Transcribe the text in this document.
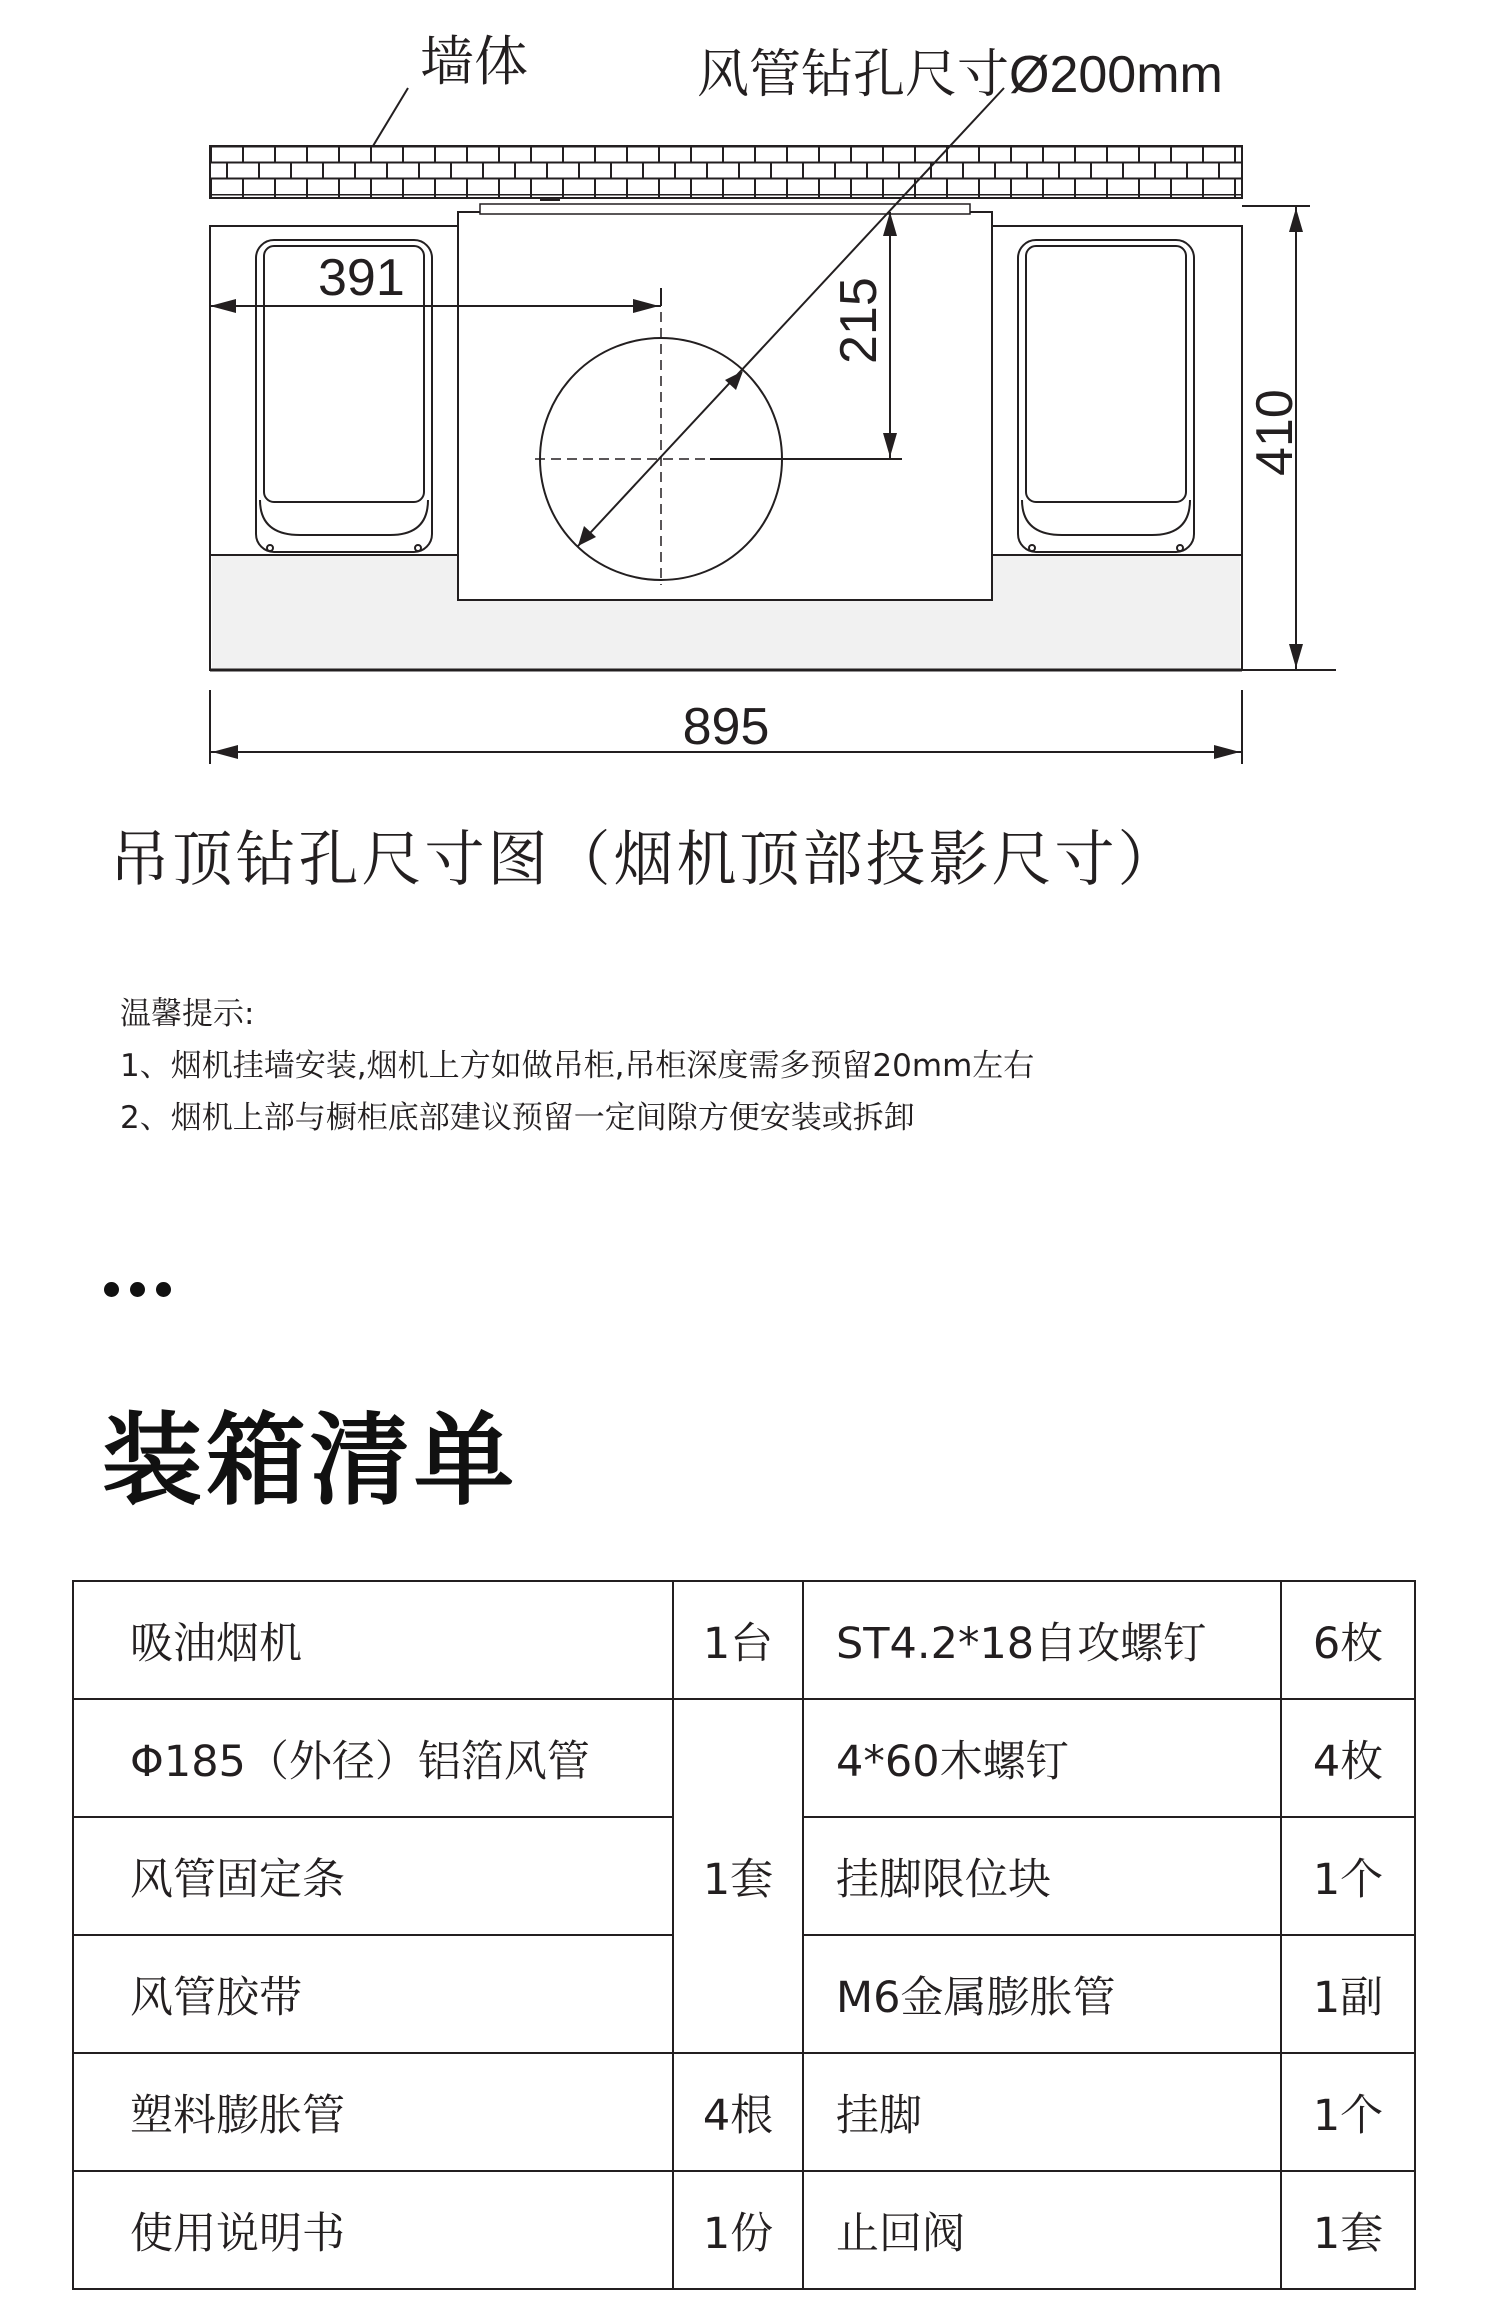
墙体	风管钻孔尺寸Ø200mm
391	215
410
895
吊顶钻孔尺寸图（烟机顶部投影尺寸）
温馨提示:
1、烟机挂墙安装,烟机上方如做吊柜,吊柜深度需多预留20mm左右
2、烟机上部与橱柜底部建议预留一定间隙方便安装或拆卸
装箱清单
吸油烟机	1台	ST4.2*18自攻螺钉	6枚
Φ185（外径）铝箔风管	1套	4*60木螺钉	4枚
风管固定条		挂脚限位块	1个
风管胶带		M6金属膨胀管	1副
塑料膨胀管	4根	挂脚	1个
使用说明书	1份	止回阀	1套
